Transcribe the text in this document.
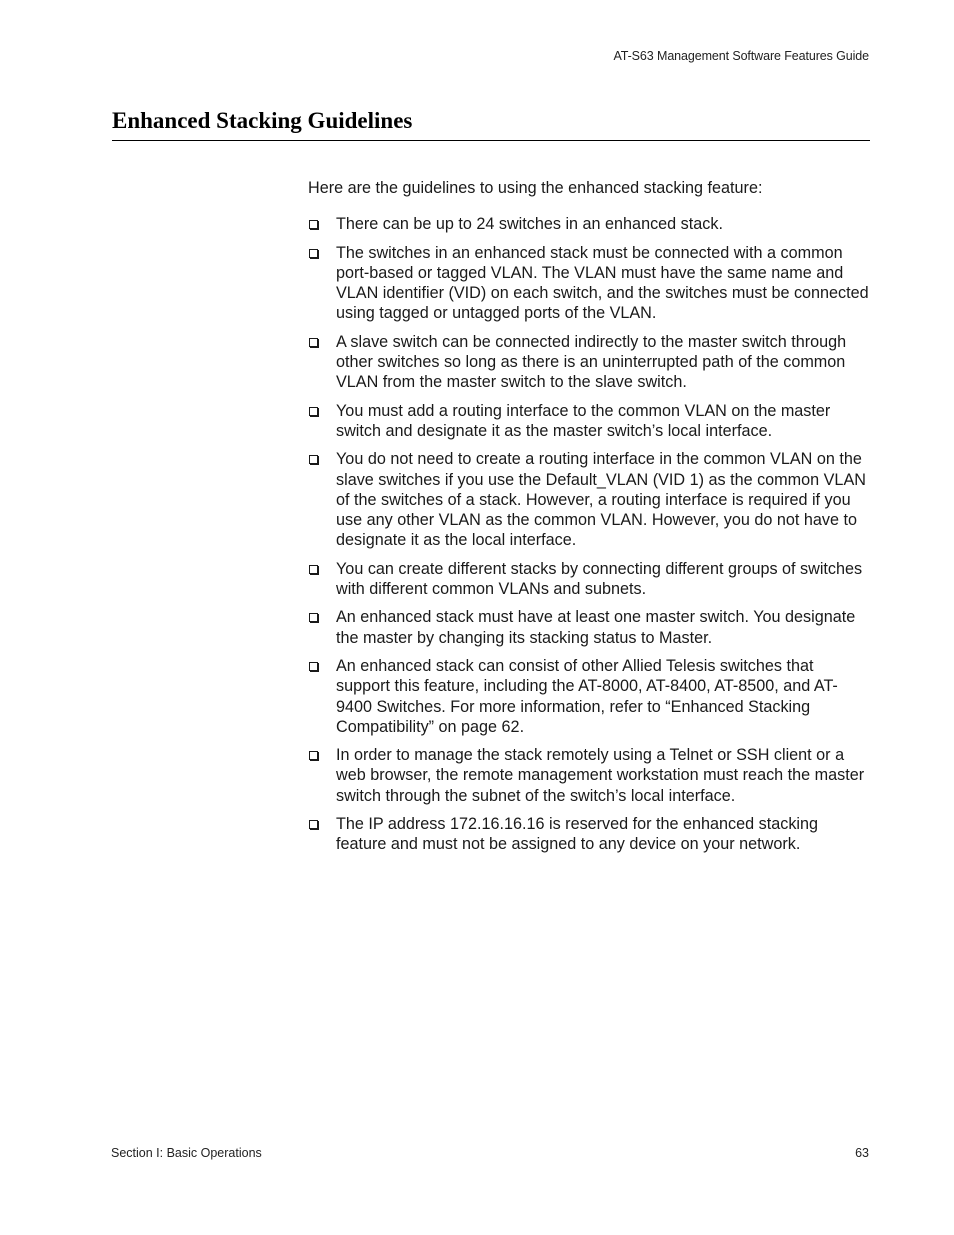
AT-S63 Management Software Features Guide
Enhanced Stacking Guidelines

Here are the guidelines to using the enhanced stacking feature:

There can be up to 24 switches in an enhanced stack.
The switches in an enhanced stack must be connected with a common port-based or tagged VLAN. The VLAN must have the same name and VLAN identifier (VID) on each switch, and the switches must be connected using tagged or untagged ports of the VLAN.
A slave switch can be connected indirectly to the master switch through other switches so long as there is an uninterrupted path of the common VLAN from the master switch to the slave switch.
You must add a routing interface to the common VLAN on the master switch and designate it as the master switch’s local interface.
You do not need to create a routing interface in the common VLAN on the slave switches if you use the Default_VLAN (VID 1) as the common VLAN of the switches of a stack. However, a routing interface is required if you use any other VLAN as the common VLAN. However, you do not have to designate it as the local interface.
You can create different stacks by connecting different groups of switches with different common VLANs and subnets.
An enhanced stack must have at least one master switch. You designate the master by changing its stacking status to Master.
An enhanced stack can consist of other Allied Telesis switches that support this feature, including the AT-8000, AT-8400, AT-8500, and AT-9400 Switches. For more information, refer to “Enhanced Stacking Compatibility” on page 62.
In order to manage the stack remotely using a Telnet or SSH client or a web browser, the remote management workstation must reach the master switch through the subnet of the switch’s local interface.
The IP address 172.16.16.16 is reserved for the enhanced stacking feature and must not be assigned to any device on your network.
Section I: Basic Operations	63
